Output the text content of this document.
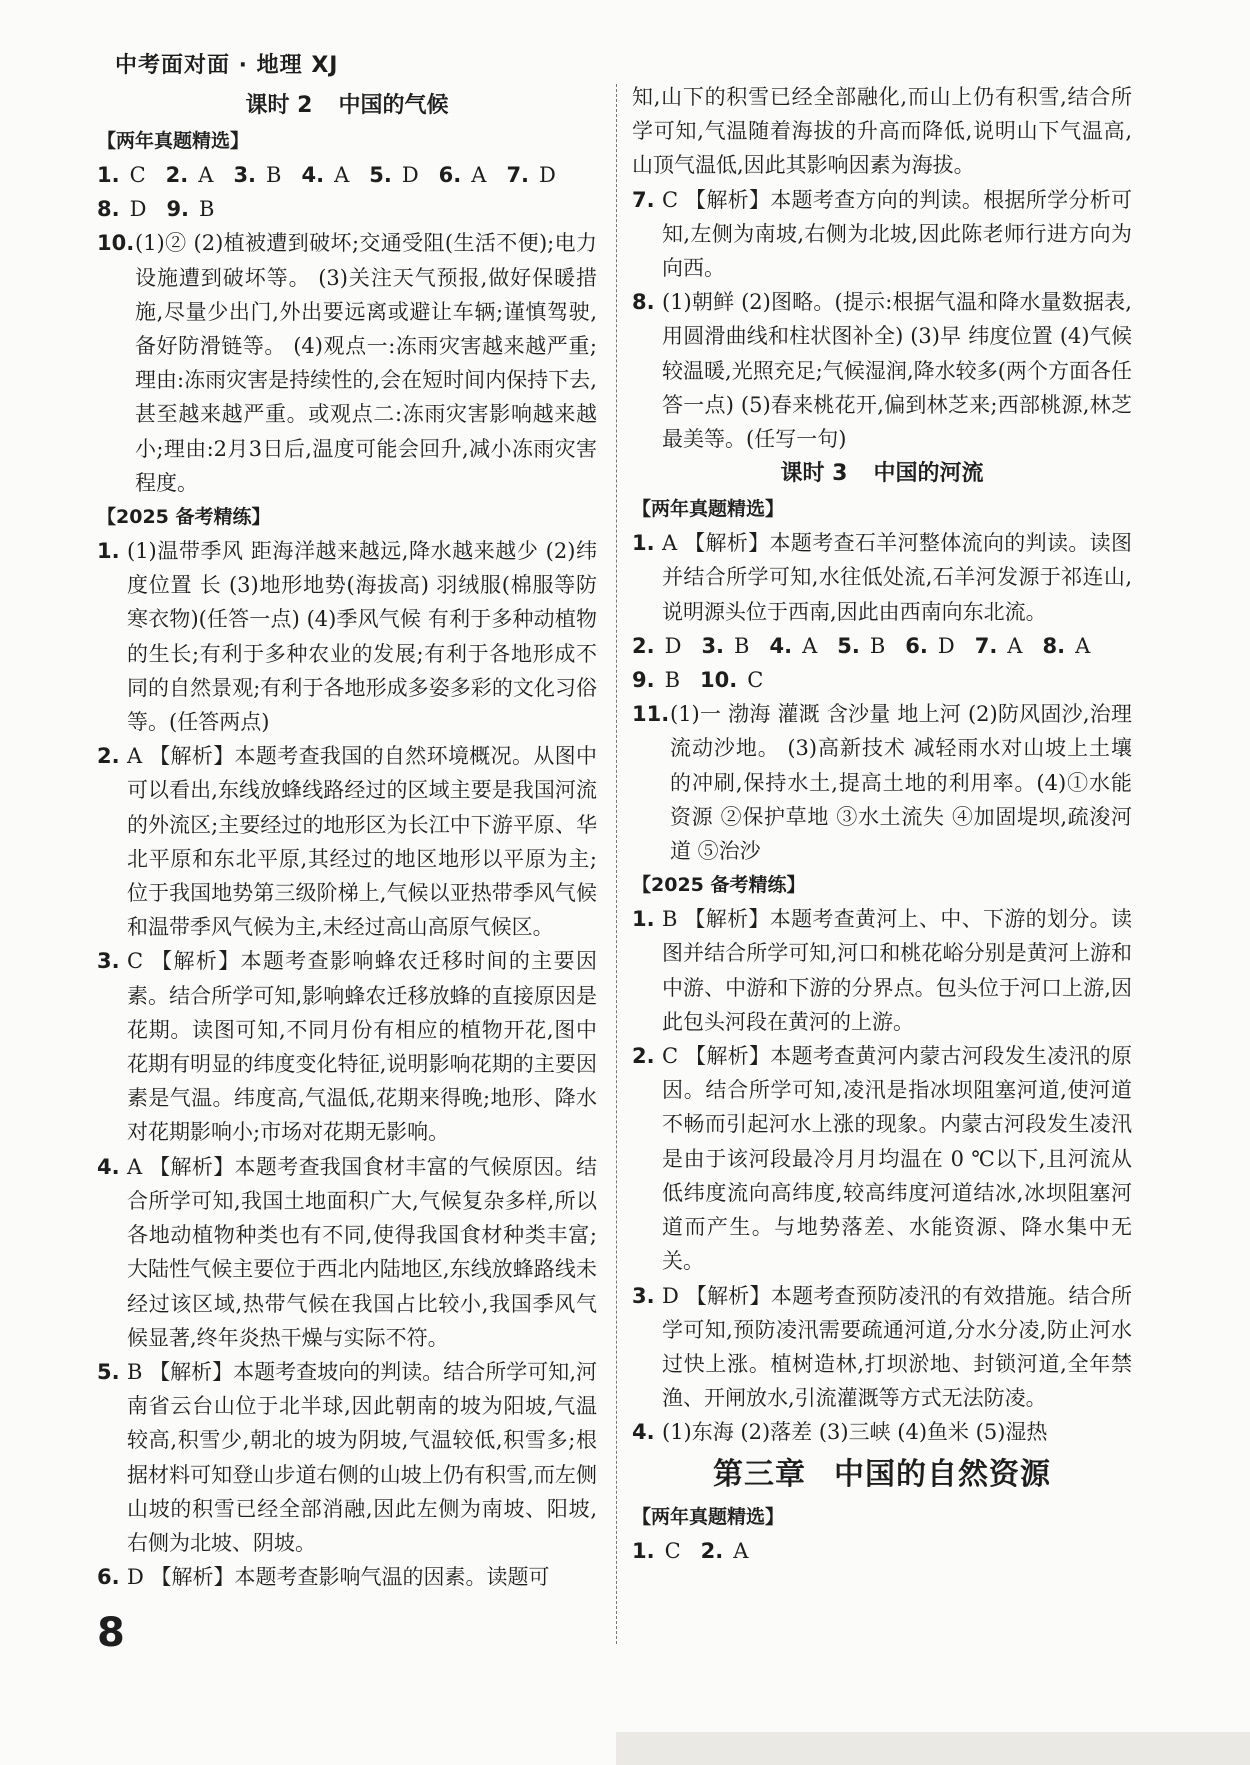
中考面对面 · 地理 XJ
课时 2 中国的气候
【两年真题精选】
1. C 2. A 3. B 4. A 5. D 6. A 7. D
8. D 9. B
10. (1)② (2)植被遭到破坏;交通受阻(生活不便);电力设施遭到破坏等。 (3)关注天气预报,做好保暖措施,尽量少出门,外出要远离或避让车辆;谨慎驾驶,备好防滑链等。 (4)观点一:冻雨灾害越来越严重;理由:冻雨灾害是持续性的,会在短时间内保持下去,甚至越来越严重。或观点二:冻雨灾害影响越来越小;理由:2月3日后,温度可能会回升,减小冻雨灾害程度。
【2025 备考精练】
1. (1)温带季风 距海洋越来越远,降水越来越少 (2)纬度位置 长 (3)地形地势(海拔高) 羽绒服(棉服等防寒衣物)(任答一点) (4)季风气候 有利于多种动植物的生长;有利于多种农业的发展;有利于各地形成不同的自然景观;有利于各地形成多姿多彩的文化习俗等。(任答两点)
2. A 【解析】本题考查我国的自然环境概况。从图中可以看出,东线放蜂线路经过的区域主要是我国河流的外流区;主要经过的地形区为长江中下游平原、华北平原和东北平原,其经过的地区地形以平原为主;位于我国地势第三级阶梯上,气候以亚热带季风气候和温带季风气候为主,未经过高山高原气候区。
3. C 【解析】本题考查影响蜂农迁移时间的主要因素。结合所学可知,影响蜂农迁移放蜂的直接原因是花期。读图可知,不同月份有相应的植物开花,图中花期有明显的纬度变化特征,说明影响花期的主要因素是气温。纬度高,气温低,花期来得晚;地形、降水对花期影响小;市场对花期无影响。
4. A 【解析】本题考查我国食材丰富的气候原因。结合所学可知,我国土地面积广大,气候复杂多样,所以各地动植物种类也有不同,使得我国食材种类丰富;大陆性气候主要位于西北内陆地区,东线放蜂路线未经过该区域,热带气候在我国占比较小,我国季风气候显著,终年炎热干燥与实际不符。
5. B 【解析】本题考查坡向的判读。结合所学可知,河南省云台山位于北半球,因此朝南的坡为阳坡,气温较高,积雪少,朝北的坡为阴坡,气温较低,积雪多;根据材料可知登山步道右侧的山坡上仍有积雪,而左侧山坡的积雪已经全部消融,因此左侧为南坡、阳坡,右侧为北坡、阴坡。
6. D 【解析】本题考查影响气温的因素。读题可
知,山下的积雪已经全部融化,而山上仍有积雪,结合所学可知,气温随着海拔的升高而降低,说明山下气温高,山顶气温低,因此其影响因素为海拔。
7. C 【解析】本题考查方向的判读。根据所学分析可知,左侧为南坡,右侧为北坡,因此陈老师行进方向为向西。
8. (1)朝鲜 (2)图略。(提示:根据气温和降水量数据表,用圆滑曲线和柱状图补全) (3)早 纬度位置 (4)气候较温暖,光照充足;气候湿润,降水较多(两个方面各任答一点) (5)春来桃花开,偏到林芝来;西部桃源,林芝最美等。(任写一句)
课时 3 中国的河流
【两年真题精选】
1. A 【解析】本题考查石羊河整体流向的判读。读图并结合所学可知,水往低处流,石羊河发源于祁连山,说明源头位于西南,因此由西南向东北流。
2. D 3. B 4. A 5. B 6. D 7. A 8. A
9. B 10. C
11. (1)一 渤海 灌溉 含沙量 地上河 (2)防风固沙,治理流动沙地。 (3)高新技术 减轻雨水对山坡上土壤的冲刷,保持水土,提高土地的利用率。(4)①水能资源 ②保护草地 ③水土流失 ④加固堤坝,疏浚河道 ⑤治沙
【2025 备考精练】
1. B 【解析】本题考查黄河上、中、下游的划分。读图并结合所学可知,河口和桃花峪分别是黄河上游和中游、中游和下游的分界点。包头位于河口上游,因此包头河段在黄河的上游。
2. C 【解析】本题考查黄河内蒙古河段发生凌汛的原因。结合所学可知,凌汛是指冰坝阻塞河道,使河道不畅而引起河水上涨的现象。内蒙古河段发生凌汛是由于该河段最冷月月均温在 0 ℃以下,且河流从低纬度流向高纬度,较高纬度河道结冰,冰坝阻塞河道而产生。与地势落差、水能资源、降水集中无关。
3. D 【解析】本题考查预防凌汛的有效措施。结合所学可知,预防凌汛需要疏通河道,分水分凌,防止河水过快上涨。植树造林,打坝淤地、封锁河道,全年禁渔、开闸放水,引流灌溉等方式无法防凌。
4. (1)东海 (2)落差 (3)三峡 (4)鱼米 (5)湿热
第三章 中国的自然资源
【两年真题精选】
1. C 2. A
8
